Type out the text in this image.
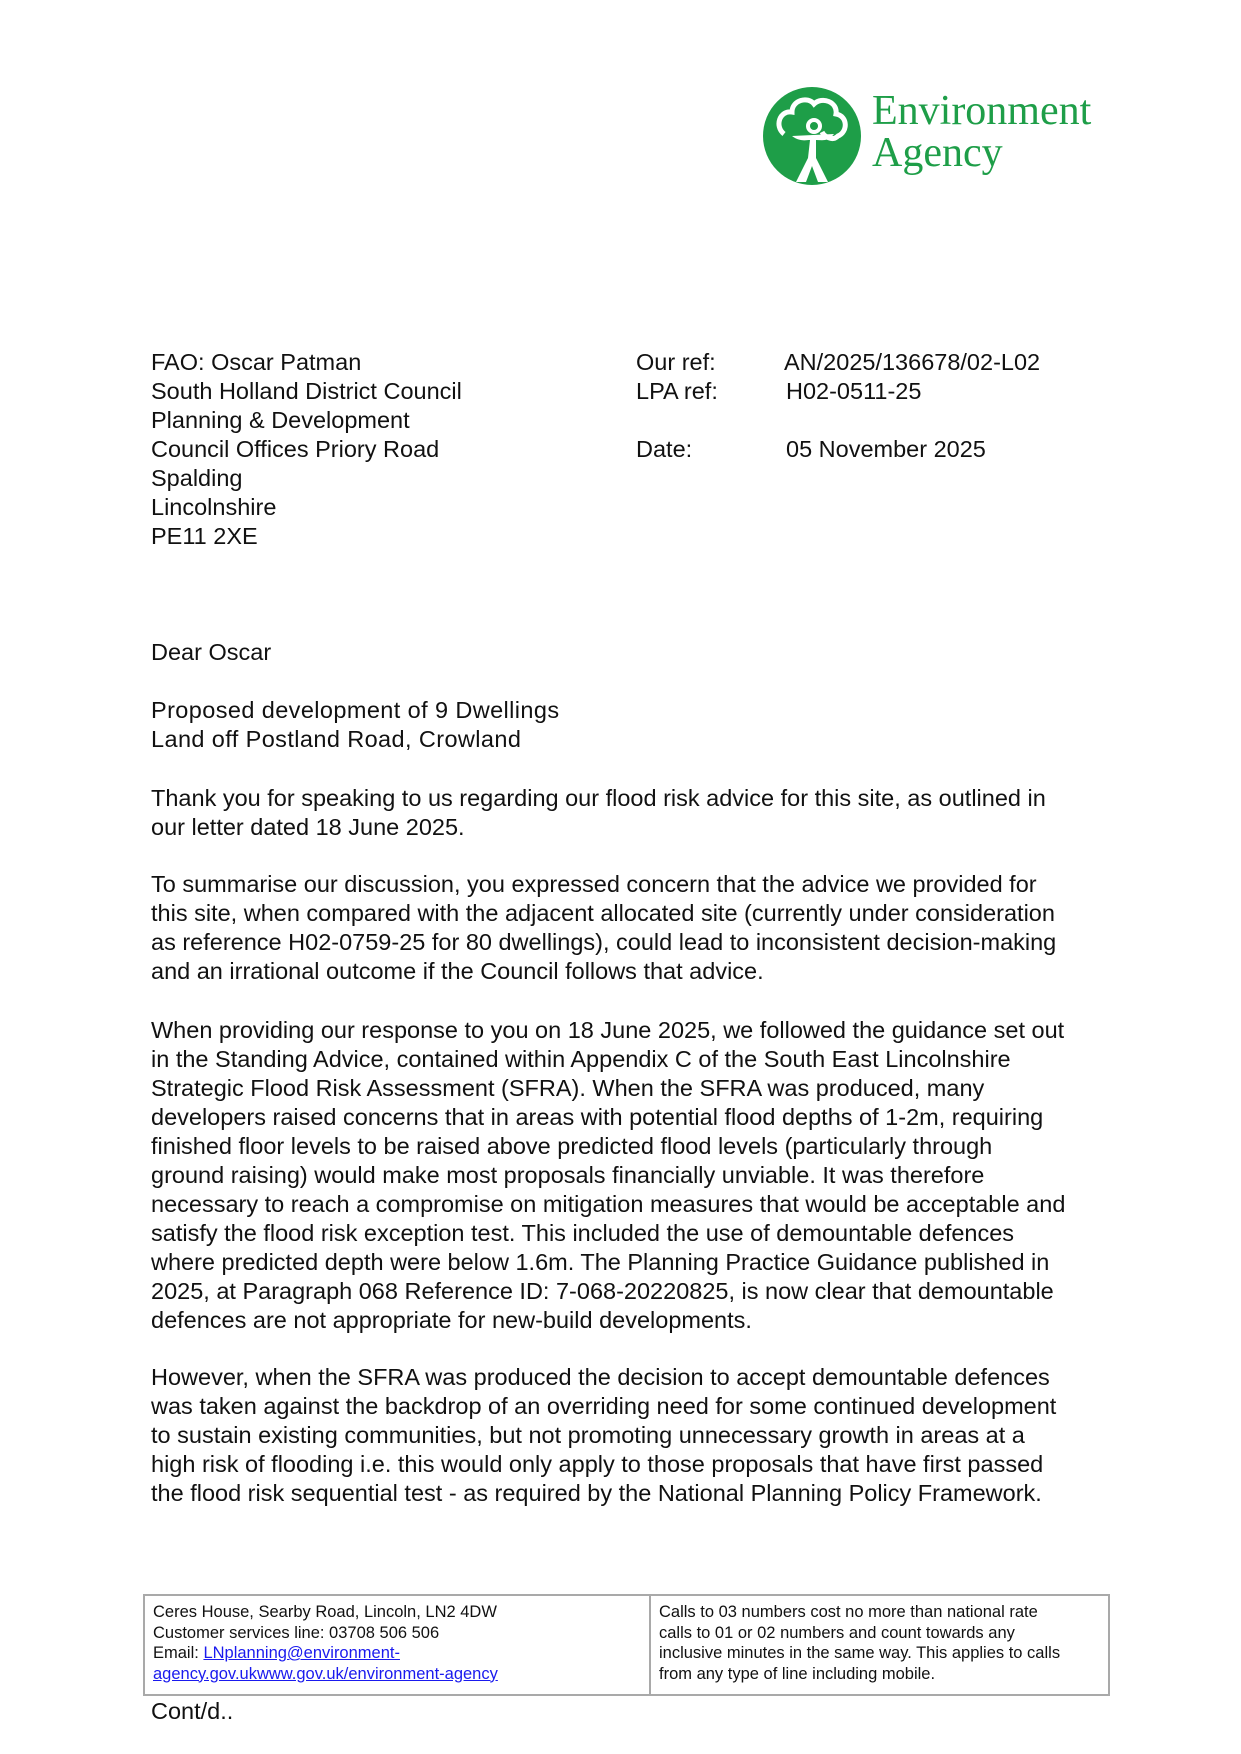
Environment
Agency
FAO: Oscar Patman
South Holland District Council
Planning & Development
Council Offices Priory Road
Spalding
Lincolnshire
PE11 2XE
Our ref:
LPA ref:
Date:
AN/2025/136678/02-L02
H02-0511-25
05 November 2025
Dear Oscar
Proposed development of 9 Dwellings
Land off Postland Road, Crowland
Thank you for speaking to us regarding our flood risk advice for this site, as outlined in
our letter dated 18 June 2025.
To summarise our discussion, you expressed concern that the advice we provided for
this site, when compared with the adjacent allocated site (currently under consideration
as reference H02-0759-25 for 80 dwellings), could lead to inconsistent decision-making
and an irrational outcome if the Council follows that advice.
When providing our response to you on 18 June 2025, we followed the guidance set out
in the Standing Advice, contained within Appendix C of the South East Lincolnshire
Strategic Flood Risk Assessment (SFRA). When the SFRA was produced, many
developers raised concerns that in areas with potential flood depths of 1-2m, requiring
finished floor levels to be raised above predicted flood levels (particularly through
ground raising) would make most proposals financially unviable. It was therefore
necessary to reach a compromise on mitigation measures that would be acceptable and
satisfy the flood risk exception test. This included the use of demountable defences
where predicted depth were below 1.6m. The Planning Practice Guidance published in
2025, at Paragraph 068 Reference ID: 7-068-20220825, is now clear that demountable
defences are not appropriate for new-build developments.
However, when the SFRA was produced the decision to accept demountable defences
was taken against the backdrop of an overriding need for some continued development
to sustain existing communities, but not promoting unnecessary growth in areas at a
high risk of flooding i.e. this would only apply to those proposals that have first passed
the flood risk sequential test - as required by the National Planning Policy Framework.
Ceres House, Searby Road, Lincoln, LN2 4DW
Customer services line: 03708 506 506
Email: LNplanning@environment-
agency.gov.ukwww.gov.uk/environment-agency
Calls to 03 numbers cost no more than national rate
calls to 01 or 02 numbers and count towards any
inclusive minutes in the same way. This applies to calls
from any type of line including mobile.
Cont/d..
